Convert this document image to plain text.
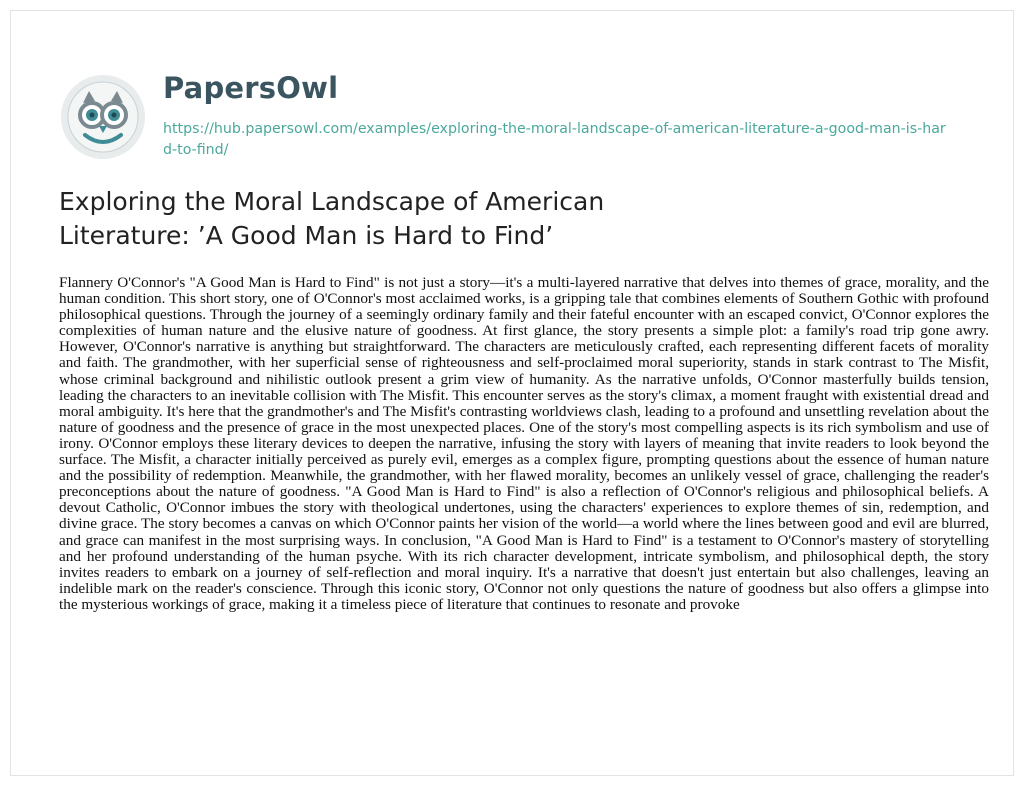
PapersOwl
https://hub.papersowl.com/examples/exploring-the-moral-landscape-of-american-literature-a-good-man-is-hard-to-find/
Exploring the Moral Landscape of American Literature: ’A Good Man is Hard to Find’

Flannery O'Connor's "A Good Man is Hard to Find" is not just a story—it's a multi-layered narrative that delves into themes of grace, morality, and the human condition. This short story, one of O'Connor's most acclaimed works, is a gripping tale that combines elements of Southern Gothic with profound philosophical questions. Through the journey of a seemingly ordinary family and their fateful encounter with an escaped convict, O'Connor explores the complexities of human nature and the elusive nature of goodness. At first glance, the story presents a simple plot: a family's road trip gone awry. However, O'Connor's narrative is anything but straightforward. The characters are meticulously crafted, each representing different facets of morality and faith. The grandmother, with her superficial sense of righteousness and self-proclaimed moral superiority, stands in stark contrast to The Misfit, whose criminal background and nihilistic outlook present a grim view of humanity. As the narrative unfolds, O'Connor masterfully builds tension, leading the characters to an inevitable collision with The Misfit. This encounter serves as the story's climax, a moment fraught with existential dread and moral ambiguity. It's here that the grandmother's and The Misfit's contrasting worldviews clash, leading to a profound and unsettling revelation about the nature of goodness and the presence of grace in the most unexpected places. One of the story's most compelling aspects is its rich symbolism and use of irony. O'Connor employs these literary devices to deepen the narrative, infusing the story with layers of meaning that invite readers to look beyond the surface. The Misfit, a character initially perceived as purely evil, emerges as a complex figure, prompting questions about the essence of human nature and the possibility of redemption. Meanwhile, the grandmother, with her flawed morality, becomes an unlikely vessel of grace, challenging the reader's preconceptions about the nature of goodness. "A Good Man is Hard to Find" is also a reflection of O'Connor's religious and philosophical beliefs. A devout Catholic, O'Connor imbues the story with theological undertones, using the characters' experiences to explore themes of sin, redemption, and divine grace. The story becomes a canvas on which O'Connor paints her vision of the world—a world where the lines between good and evil are blurred, and grace can manifest in the most surprising ways. In conclusion, "A Good Man is Hard to Find" is a testament to O'Connor's mastery of storytelling and her profound understanding of the human psyche. With its rich character development, intricate symbolism, and philosophical depth, the story invites readers to embark on a journey of self-reflection and moral inquiry. It's a narrative that doesn't just entertain but also challenges, leaving an indelible mark on the reader's conscience. Through this iconic story, O'Connor not only questions the nature of goodness but also offers a glimpse into the mysterious workings of grace, making it a timeless piece of literature that continues to resonate and provoke
